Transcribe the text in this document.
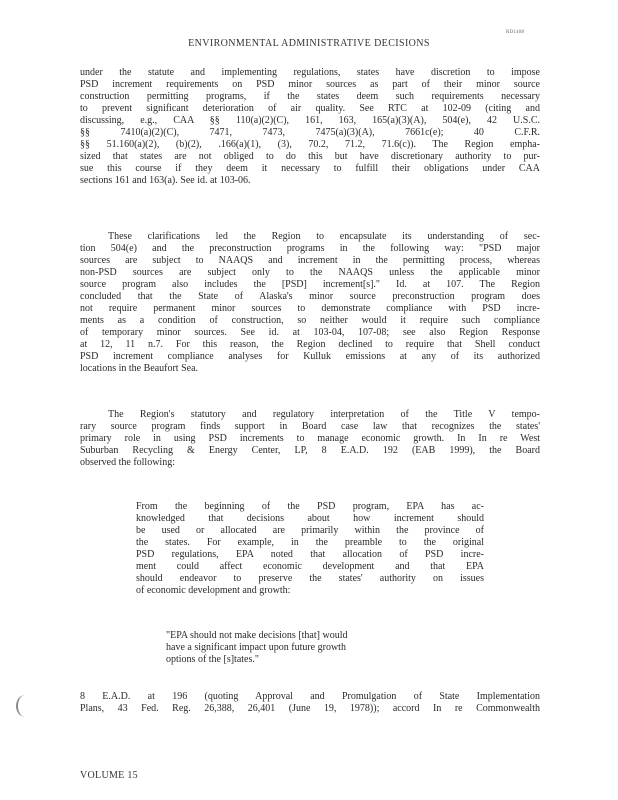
RD1408
ENVIRONMENTAL ADMINISTRATIVE DECISIONS
under the statute and implementing regulations, states have discretion to impose
PSD increment requirements on PSD minor sources as part of their minor source
construction permitting programs, if the states deem such requirements necessary
to prevent significant deterioration of air quality. See RTC at 102-09 (citing and
discussing, e.g., CAA §§ 110(a)(2)(C), 161, 163, 165(a)(3)(A), 504(e), 42 U.S.C.
§§ 7410(a)(2)(C), 7471, 7473, 7475(a)(3)(A), 7661c(e); 40 C.F.R.
§§ 51.160(a)(2), (b)(2), .166(a)(1), (3), 70.2, 71.2, 71.6(c)). The Region empha-
sized that states are not obliged to do this but have discretionary authority to pur-
sue this course if they deem it necessary to fulfill their obligations under CAA
sections 161 and 163(a). See id. at 103-06.
These clarifications led the Region to encapsulate its understanding of sec-
tion 504(e) and the preconstruction programs in the following way: "PSD major
sources are subject to NAAQS and increment in the permitting process, whereas
non-PSD sources are subject only to the NAAQS unless the applicable minor
source program also includes the [PSD] increment[s]." Id. at 107. The Region
concluded that the State of Alaska's minor source preconstruction program does
not require permanent minor sources to demonstrate compliance with PSD incre-
ments as a condition of construction, so neither would it require such compliance
of temporary minor sources. See id. at 103-04, 107-08; see also Region Response
at 12, 11 n.7. For this reason, the Region declined to require that Shell conduct
PSD increment compliance analyses for Kulluk emissions at any of its authorized
locations in the Beaufort Sea.
The Region's statutory and regulatory interpretation of the Title V tempo-
rary source program finds support in Board case law that recognizes the states'
primary role in using PSD increments to manage economic growth. In In re West
Suburban Recycling & Energy Center, LP, 8 E.A.D. 192 (EAB 1999), the Board
observed the following:
From the beginning of the PSD program, EPA has ac-
knowledged that decisions about how increment should
be used or allocated are primarily within the province of
the states. For example, in the preamble to the original
PSD regulations, EPA noted that allocation of PSD incre-
ment could affect economic development and that EPA
should endeavor to preserve the states' authority on issues
of economic development and growth:
"EPA should not make decisions [that] would
have a significant impact upon future growth
options of the [s]tates."
8 E.A.D. at 196 (quoting Approval and Promulgation of State Implementation
Plans, 43 Fed. Reg. 26,388, 26,401 (June 19, 1978)); accord In re Commonwealth
VOLUME 15
